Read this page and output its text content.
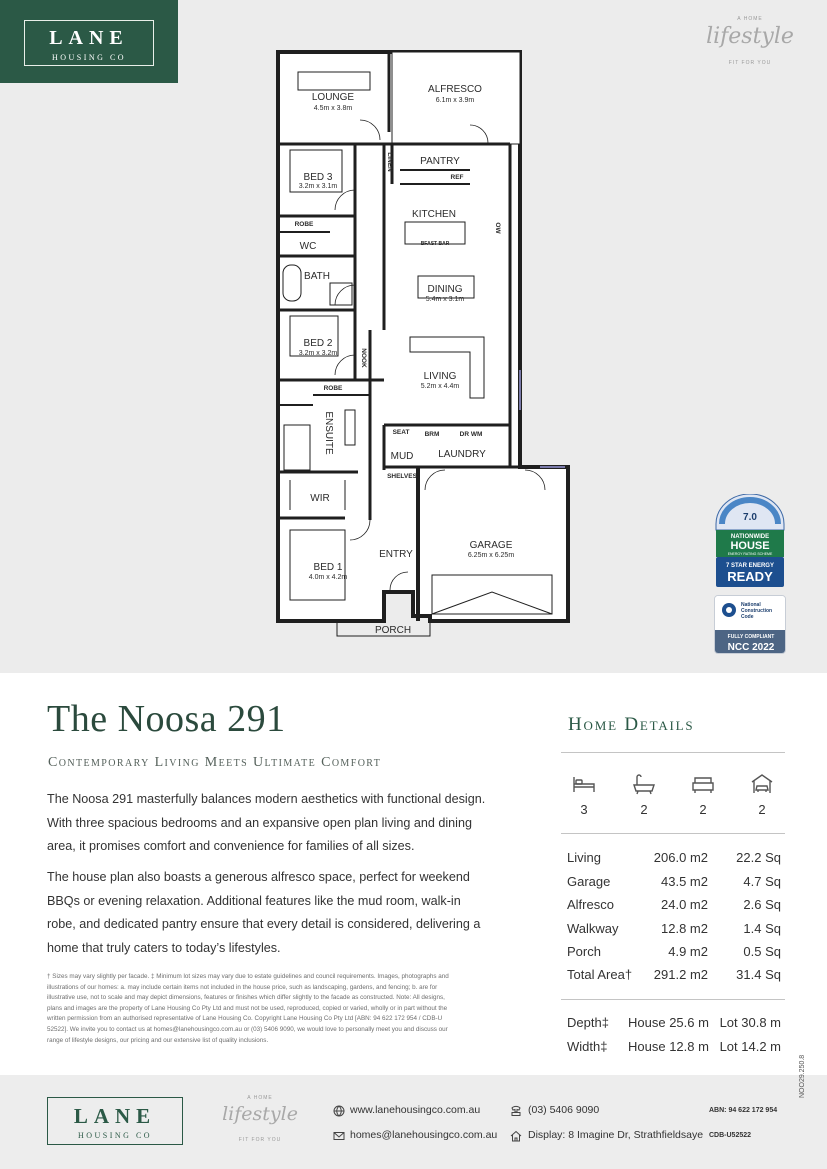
LANE
HOUSING CO
A HOME
lifestyle
FIT FOR YOU
LOUNGE
4.5m x 3.8m
ALFRESCO
6.1m x 3.9m
BED 3
3.2m x 3.1m
PANTRY
KITCHEN
DINING
5.4m x 3.1m
WC
BATH
BED 2
3.2m x 3.2m
LIVING
5.2m x 4.4m
ENSUITE
MUD LAUNDRY
WIR
GARAGE
6.25m x 6.25m
BED 1
4.0m x 4.2m
ENTRY
PORCH
LINEN
REF
ROBE
ROBE
BFAST BAR
OW
NOOK
SEAT BRM	DR WM
SHELVES
7.0
NATIONWIDE
HOUSE
ENERGY RATING SCHEME
7 STAR ENERGY
READY
National
Construction
Code
FULLY COMPLIANT
NCC 2022
The Noosa 291
Contemporary Living Meets Ultimate Comfort
The Noosa 291 masterfully balances modern aesthetics with functional design.
With three spacious bedrooms and an expansive open plan living and dining
area, it promises comfort and convenience for families of all sizes.
The house plan also boasts a generous alfresco space, perfect for weekend
BBQs or evening relaxation. Additional features like the mud room, walk-in
robe, and dedicated pantry ensure that every detail is considered, delivering a
home that truly caters to today’s lifestyles.
† Sizes may vary slightly per facade. ‡ Minimum lot sizes may vary due to estate guidelines and council requirements. Images, photographs and
illustrations of our homes: a. may include certain items not included in the house price, such as landscaping, gardens, and fencing; b. are for
illustrative use, not to scale and may depict dimensions, features or finishes which differ slightly to the facade as constructed. Note: All designs,
plans and images are the property of Lane Housing Co Pty Ltd and must not be used, reproduced, copied or varied, wholly or in part without the
written permission from an authorised representative of Lane Housing Co. Copyright Lane Housing Co Pty Ltd [ABN: 94 622 172 954 / CDB-U
52522]. We invite you to contact us at homes@lanehousingco.com.au or (03) 5406 9090, we would love to personally meet you and discuss our
range of lifestyle designs, our pricing and our extensive list of quality inclusions.
Home Details
3	2	2	2
Living	206.0 m2 22.2 Sq
Garage	43.5 m2	4.7 Sq
Alfresco	24.0 m2	2.6 Sq
Walkway	12.8 m2	1.4 Sq
Porch	4.9 m2	0.5 Sq
Total Area† 291.2 m2 31.4 Sq
Depth‡ House 25.6 m Lot 30.8 m
Width‡ House 12.8 m Lot 14.2 m
LANE
HOUSING CO
A HOME
lifestyle
FIT FOR YOU
www.lanehousingco.com.au
homes@lanehousingco.com.au
(03) 5406 9090
Display: 8 Imagine Dr, Strathfieldsaye
ABN: 94 622 172 954
CDB-U52522
NOO29.250.8
